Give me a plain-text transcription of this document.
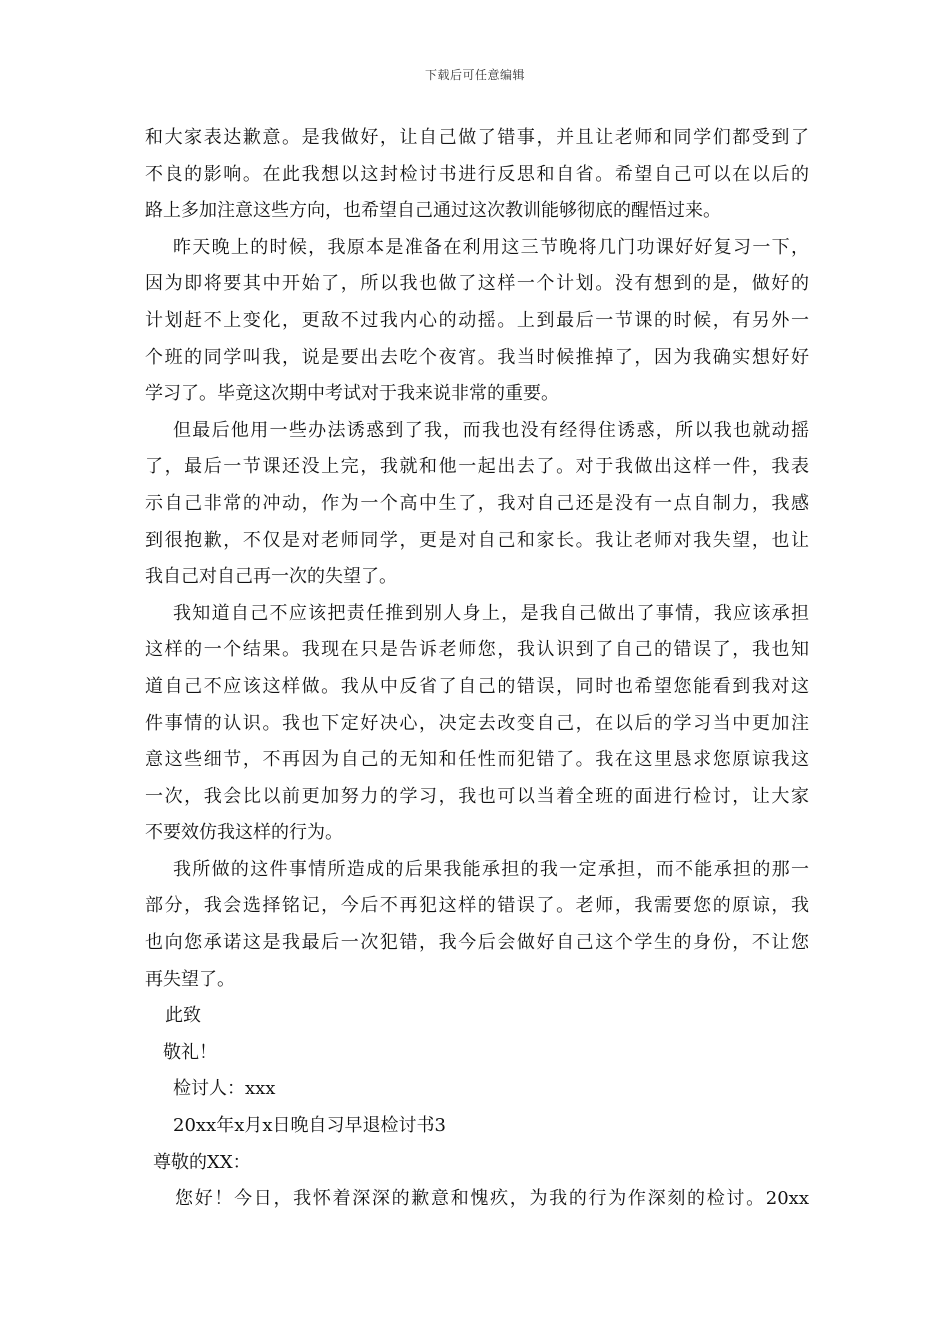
下载后可任意编辑
和大家表达歉意。是我做好，让自己做了错事，并且让老师和同学们都受到了
不良的影响。在此我想以这封检讨书进行反思和自省。希望自己可以在以后的
路上多加注意这些方向，也希望自己通过这次教训能够彻底的醒悟过来。
昨天晚上的时候，我原本是准备在利用这三节晚将几门功课好好复习一下，
因为即将要其中开始了，所以我也做了这样一个计划。没有想到的是，做好的
计划赶不上变化，更敌不过我内心的动摇。上到最后一节课的时候，有另外一
个班的同学叫我，说是要出去吃个夜宵。我当时候推掉了，因为我确实想好好
学习了。毕竟这次期中考试对于我来说非常的重要。
但最后他用一些办法诱惑到了我，而我也没有经得住诱惑，所以我也就动摇
了，最后一节课还没上完，我就和他一起出去了。对于我做出这样一件，我表
示自己非常的冲动，作为一个高中生了，我对自己还是没有一点自制力，我感
到很抱歉，不仅是对老师同学，更是对自己和家长。我让老师对我失望，也让
我自己对自己再一次的失望了。
我知道自己不应该把责任推到别人身上，是我自己做出了事情，我应该承担
这样的一个结果。我现在只是告诉老师您，我认识到了自己的错误了，我也知
道自己不应该这样做。我从中反省了自己的错误，同时也希望您能看到我对这
件事情的认识。我也下定好决心，决定去改变自己，在以后的学习当中更加注
意这些细节，不再因为自己的无知和任性而犯错了。我在这里恳求您原谅我这
一次，我会比以前更加努力的学习，我也可以当着全班的面进行检讨，让大家
不要效仿我这样的行为。
我所做的这件事情所造成的后果我能承担的我一定承担，而不能承担的那一
部分，我会选择铭记，今后不再犯这样的错误了。老师，我需要您的原谅，我
也向您承诺这是我最后一次犯错，我今后会做好自己这个学生的身份，不让您
再失望了。
此致
敬礼！
检讨人：xxx
20xx年x月x日晚自习早退检讨书3
尊敬的XX：
您好！今日，我怀着深深的歉意和愧疚，为我的行为作深刻的检讨。20xx
